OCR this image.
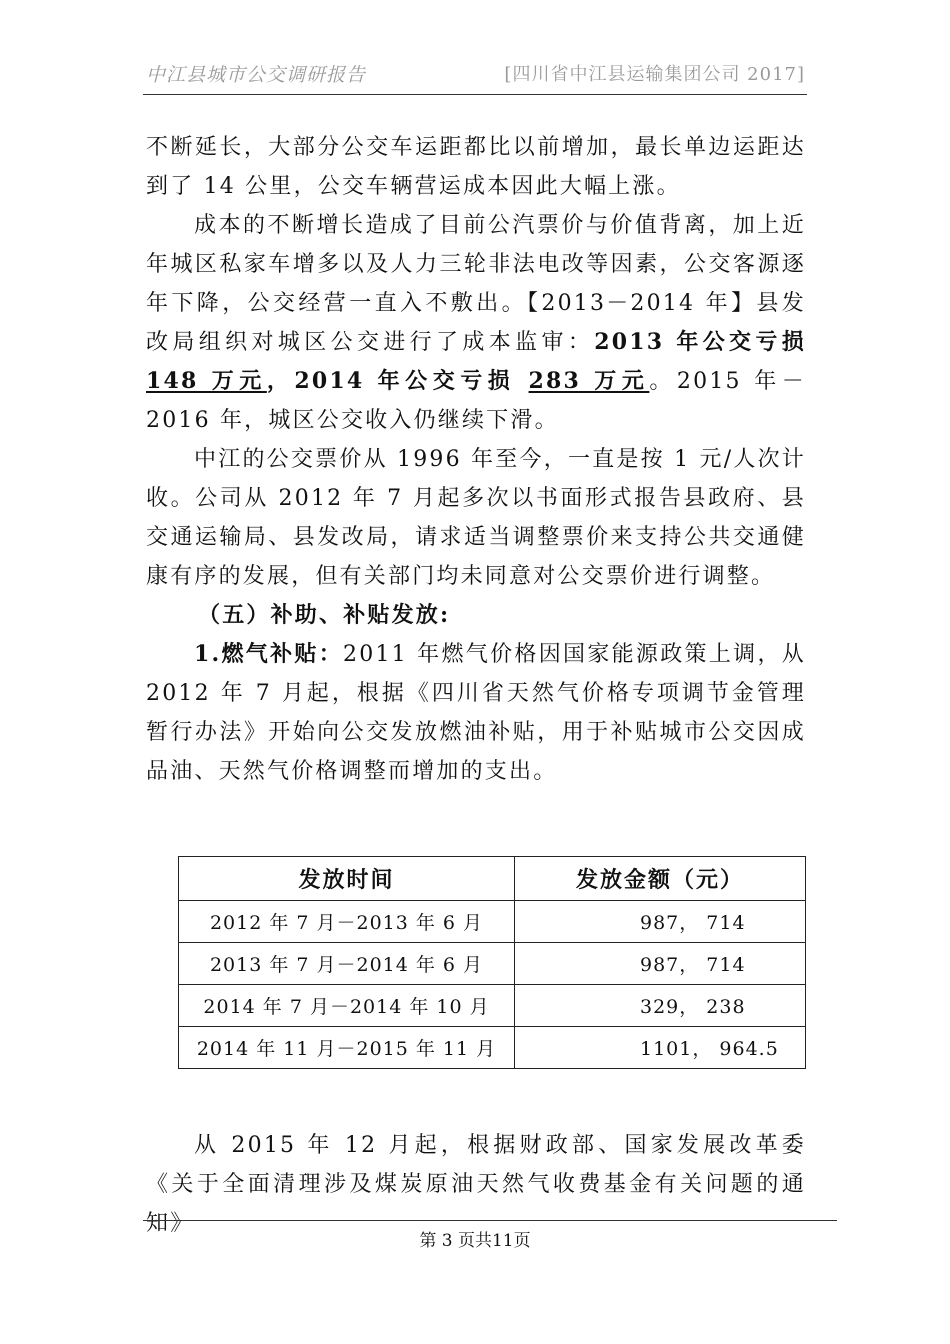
中江县城市公交调研报告	[四川省中江县运输集团公司 2017]

不断延长，大部分公交车运距都比以前增加，最长单边运距达到了 14 公里，公交车辆营运成本因此大幅上涨。

成本的不断增长造成了目前公汽票价与价值背离，加上近年城区私家车增多以及人力三轮非法电改等因素，公交客源逐年下降，公交经营一直入不敷出。【2013－2014 年】县发改局组织对城区公交进行了成本监审：2013 年公交亏损 148 万元，2014 年公交亏损 283 万元。2015 年－2016 年，城区公交收入仍继续下滑。

中江的公交票价从 1996 年至今，一直是按 1 元/人次计收。公司从 2012 年 7 月起多次以书面形式报告县政府、县交通运输局、县发改局，请求适当调整票价来支持公共交通健康有序的发展，但有关部门均未同意对公交票价进行调整。

（五）补助、补贴发放:

1.燃气补贴：2011 年燃气价格因国家能源政策上调，从 2012 年 7 月起，根据《四川省天然气价格专项调节金管理暂行办法》开始向公交发放燃油补贴，用于补贴城市公交因成品油、天然气价格调整而增加的支出。

发放时间	发放金额（元）
2012 年 7 月－2013 年 6 月	987， 714
2013 年 7 月－2014 年 6 月	987， 714
2014 年 7 月－2014 年 10 月	329， 238
2014 年 11 月－2015 年 11 月	1101， 964.5

从 2015 年 12 月起，根据财政部、国家发展改革委《关于全面清理涉及煤炭原油天然气收费基金有关问题的通知》

第 3 页共11页
